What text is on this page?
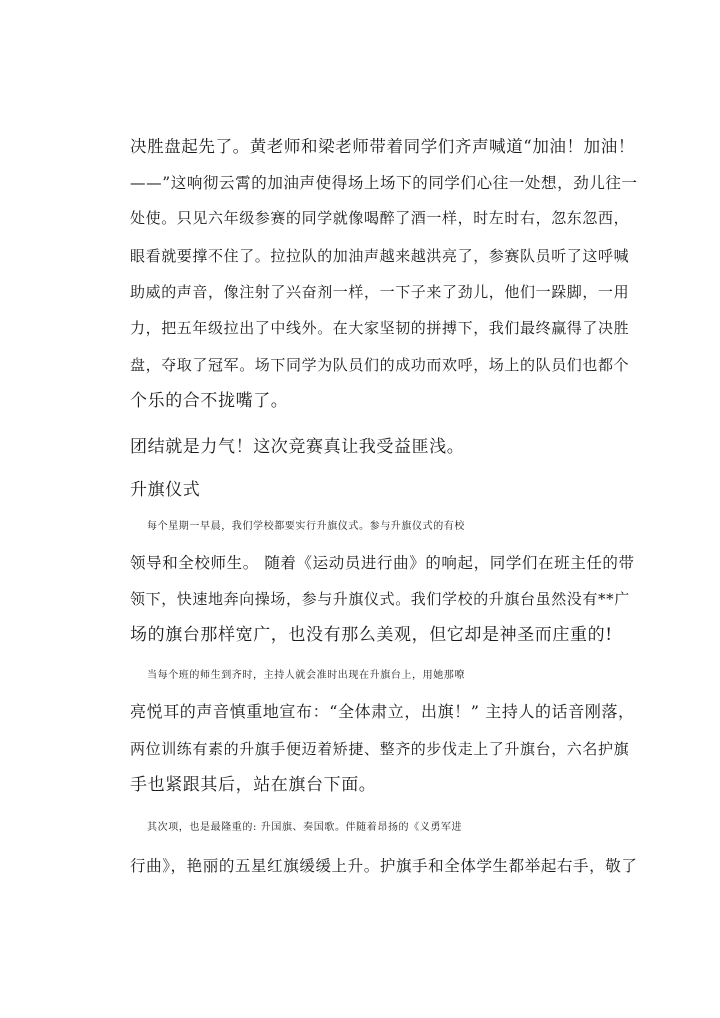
决胜盘起先了。黄老师和梁老师带着同学们齐声喊道“加油！加油！
——”这响彻云霄的加油声使得场上场下的同学们心往一处想，劲儿往一
处使。只见六年级参赛的同学就像喝醉了酒一样，时左时右，忽东忽西，
眼看就要撑不住了。拉拉队的加油声越来越洪亮了，参赛队员听了这呼喊
助威的声音，像注射了兴奋剂一样，一下子来了劲儿，他们一跺脚，一用
力，把五年级拉出了中线外。在大家坚韧的拼搏下，我们最终赢得了决胜
盘，夺取了冠军。场下同学为队员们的成功而欢呼，场上的队员们也都个
个乐的合不拢嘴了。
团结就是力气！这次竞赛真让我受益匪浅。
升旗仪式
每个星期一早晨，我们学校都要实行升旗仪式。参与升旗仪式的有校
领导和全校师生。 随着《运动员进行曲》的响起，同学们在班主任的带
领下，快速地奔向操场，参与升旗仪式。我们学校的升旗台虽然没有**广
场的旗台那样宽广，也没有那么美观，但它却是神圣而庄重的!
当每个班的师生到齐时，主持人就会准时出现在升旗台上，用她那嘹
亮悦耳的声音慎重地宣布：“全体肃立，出旗！” 主持人的话音刚落，
两位训练有素的升旗手便迈着矫捷、整齐的步伐走上了升旗台，六名护旗
手也紧跟其后，站在旗台下面。
其次项，也是最隆重的: 升国旗、奏国歌。伴随着昂扬的《义勇军进
行曲》，艳丽的五星红旗缓缓上升。护旗手和全体学生都举起右手，敬了
